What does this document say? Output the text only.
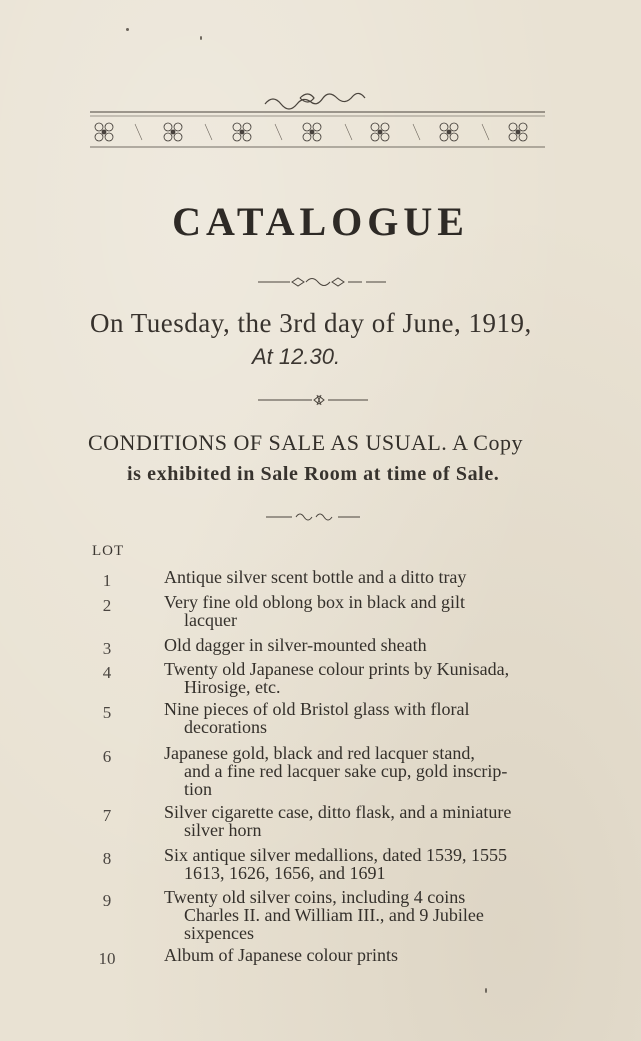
CATALOGUE
On Tuesday, the 3rd day of June, 1919,
At 12.30.
CONDITIONS OF SALE AS USUAL. A Copy
is exhibited in Sale Room at time of Sale.
LOT
1	Antique silver scent bottle and a ditto tray
2	Very fine old oblong box in black and gilt
lacquer
3	Old dagger in silver-mounted sheath
4	Twenty old Japanese colour prints by Kunisada,
Hirosige, etc.
5	Nine pieces of old Bristol glass with floral
decorations
6	Japanese gold, black and red lacquer stand,
and a fine red lacquer sake cup, gold inscrip-
tion
7	Silver cigarette case, ditto flask, and a miniature
silver horn
8	Six antique silver medallions, dated 1539, 1555
1613, 1626, 1656, and 1691
9	Twenty old silver coins, including 4 coins
Charles II. and William III., and 9 Jubilee
sixpences
10	Album of Japanese colour prints
